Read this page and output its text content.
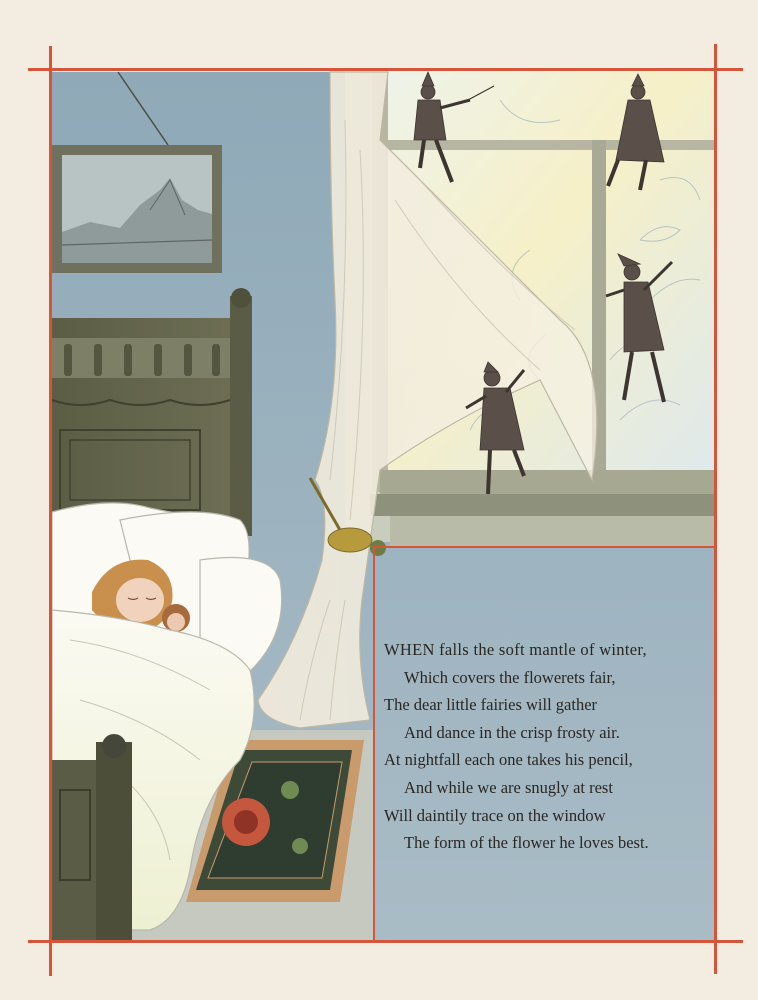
WHEN falls the soft mantle of winter,
Which covers the flowerets fair,
The dear little fairies will gather
And dance in the crisp frosty air.
At nightfall each one takes his pencil,
And while we are snugly at rest
Will daintily trace on the window
The form of the flower he loves best.
